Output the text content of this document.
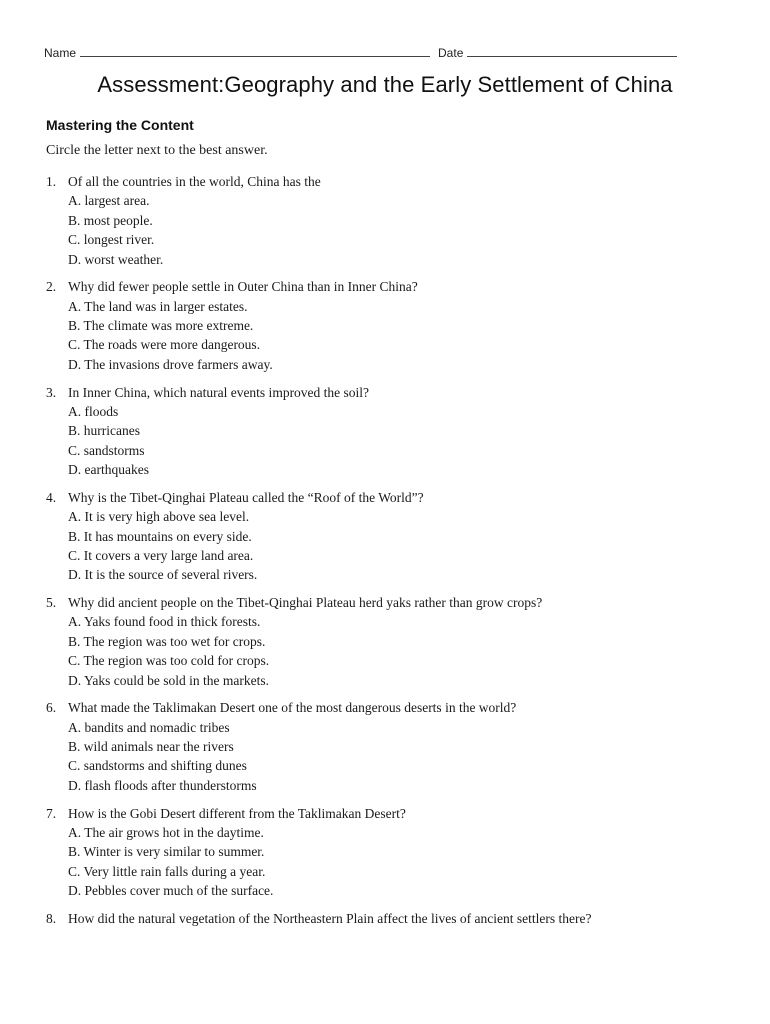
Name	Date
Assessment:Geography and the Early Settlement of China
Mastering the Content
Circle the letter next to the best answer.
1. Of all the countries in the world, China has the
A. largest area.
B. most people.
C. longest river.
D. worst weather.
2. Why did fewer people settle in Outer China than in Inner China?
A. The land was in larger estates.
B. The climate was more extreme.
C. The roads were more dangerous.
D. The invasions drove farmers away.
3. In Inner China, which natural events improved the soil?
A. floods
B. hurricanes
C. sandstorms
D. earthquakes
4. Why is the Tibet-Qinghai Plateau called the “Roof of the World”?
A. It is very high above sea level.
B. It has mountains on every side.
C. It covers a very large land area.
D. It is the source of several rivers.
5. Why did ancient people on the Tibet-Qinghai Plateau herd yaks rather than grow crops?
A. Yaks found food in thick forests.
B. The region was too wet for crops.
C. The region was too cold for crops.
D. Yaks could be sold in the markets.
6. What made the Taklimakan Desert one of the most dangerous deserts in the world?
A. bandits and nomadic tribes
B. wild animals near the rivers
C. sandstorms and shifting dunes
D. flash floods after thunderstorms
7. How is the Gobi Desert different from the Taklimakan Desert?
A. The air grows hot in the daytime.
B. Winter is very similar to summer.
C. Very little rain falls during a year.
D. Pebbles cover much of the surface.
8. How did the natural vegetation of the Northeastern Plain affect the lives of ancient settlers there?
